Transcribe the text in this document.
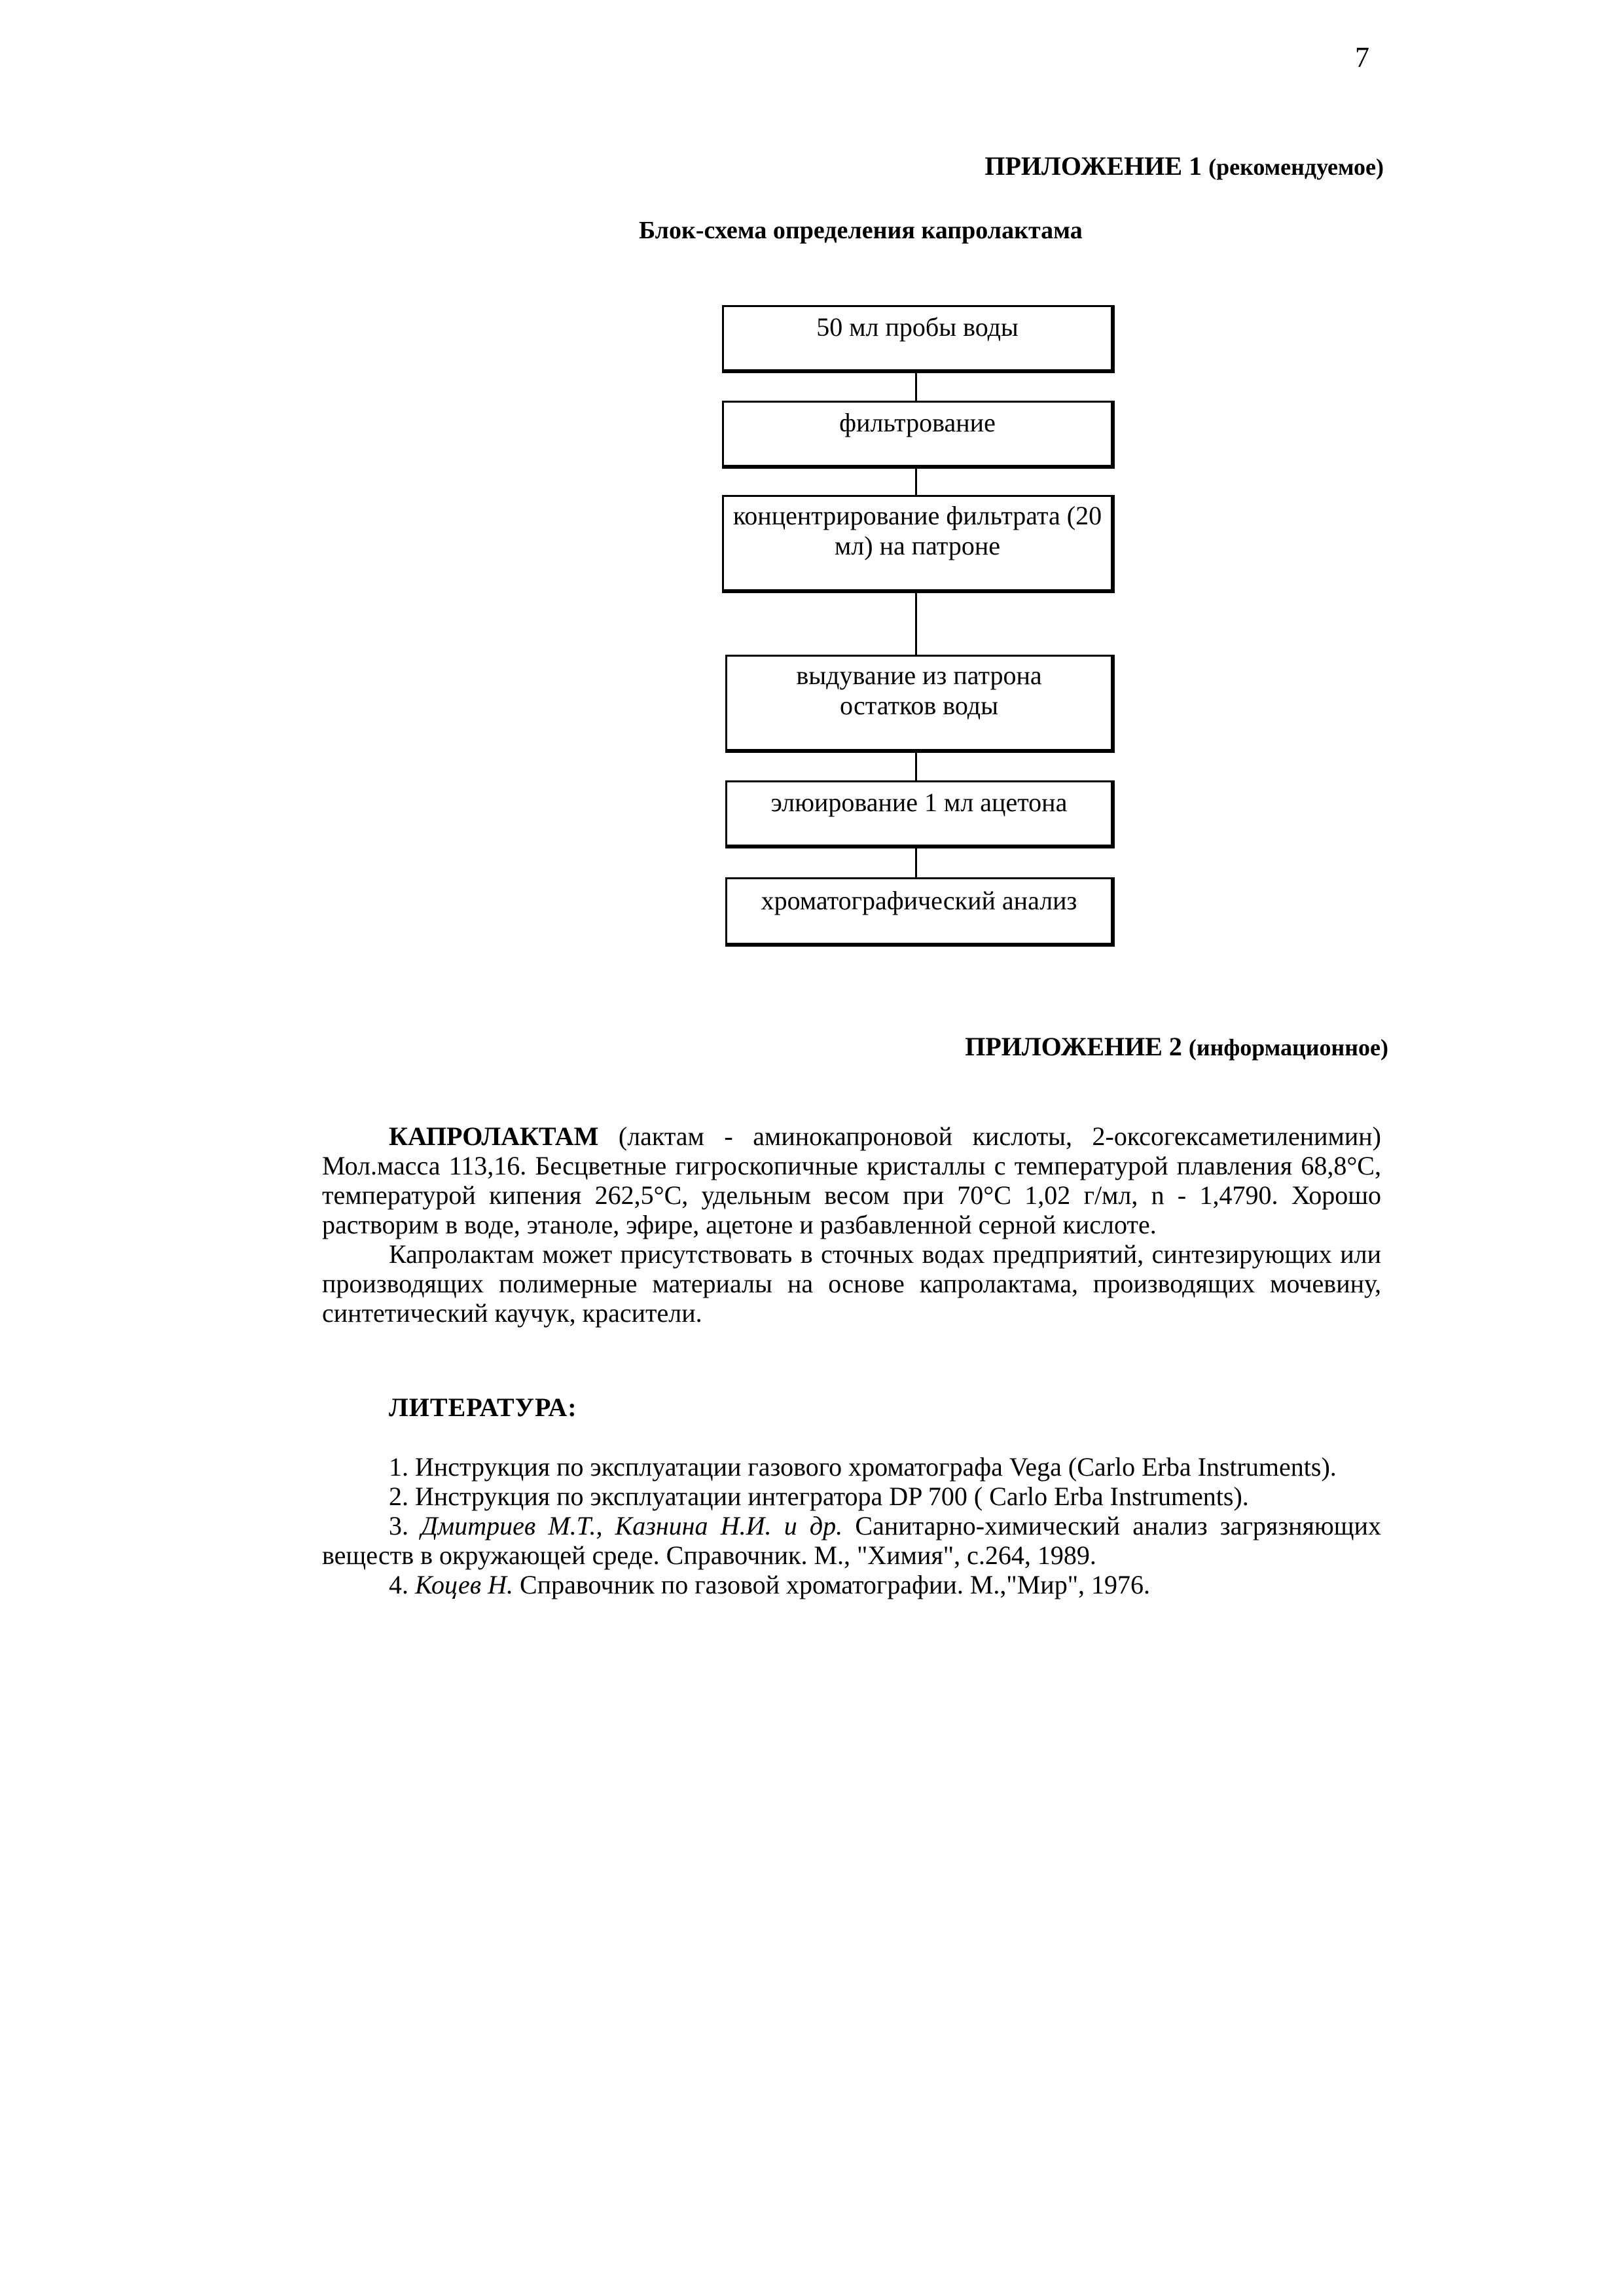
7
ПРИЛОЖЕНИЕ 1 (рекомендуемое)
Блок-схема определения капролактама
50 мл пробы воды
фильтрование
концентрирование фильтрата (20 мл) на патроне
выдувание из патрона остатков воды
элюирование 1 мл ацетона
хроматографический анализ
ПРИЛОЖЕНИЕ 2 (информационное)

КАПРОЛАКТАМ (лактам - аминокапроновой кислоты, 2-оксогексаметиленимин) Мол.масса 113,16. Бесцветные гигроскопичные кристаллы с температурой плавления 68,8°С, температурой кипения 262,5°С, удельным весом при 70°С 1,02 г/мл, n - 1,4790. Хорошо растворим в воде, этаноле, эфире, ацетоне и разбавленной серной кислоте.

Капролактам может присутствовать в сточных водах предприятий, синтезирующих или производящих полимерные материалы на основе капролактама, производящих мочевину, синтетический каучук, красители.

ЛИТЕРАТУРА:

1. Инструкция по эксплуатации газового хроматографа Vega (Carlo Erba Instruments).

2. Инструкция по эксплуатации интегратора DP 700 ( Carlo Erba Instruments).

3. Дмитриев М.Т., Казнина Н.И. и др. Санитарно-химический анализ загрязняющих веществ в окружающей среде. Справочник. М., "Химия", с.264, 1989.

4. Коцев Н. Справочник по газовой хроматографии. М.,"Мир", 1976.
